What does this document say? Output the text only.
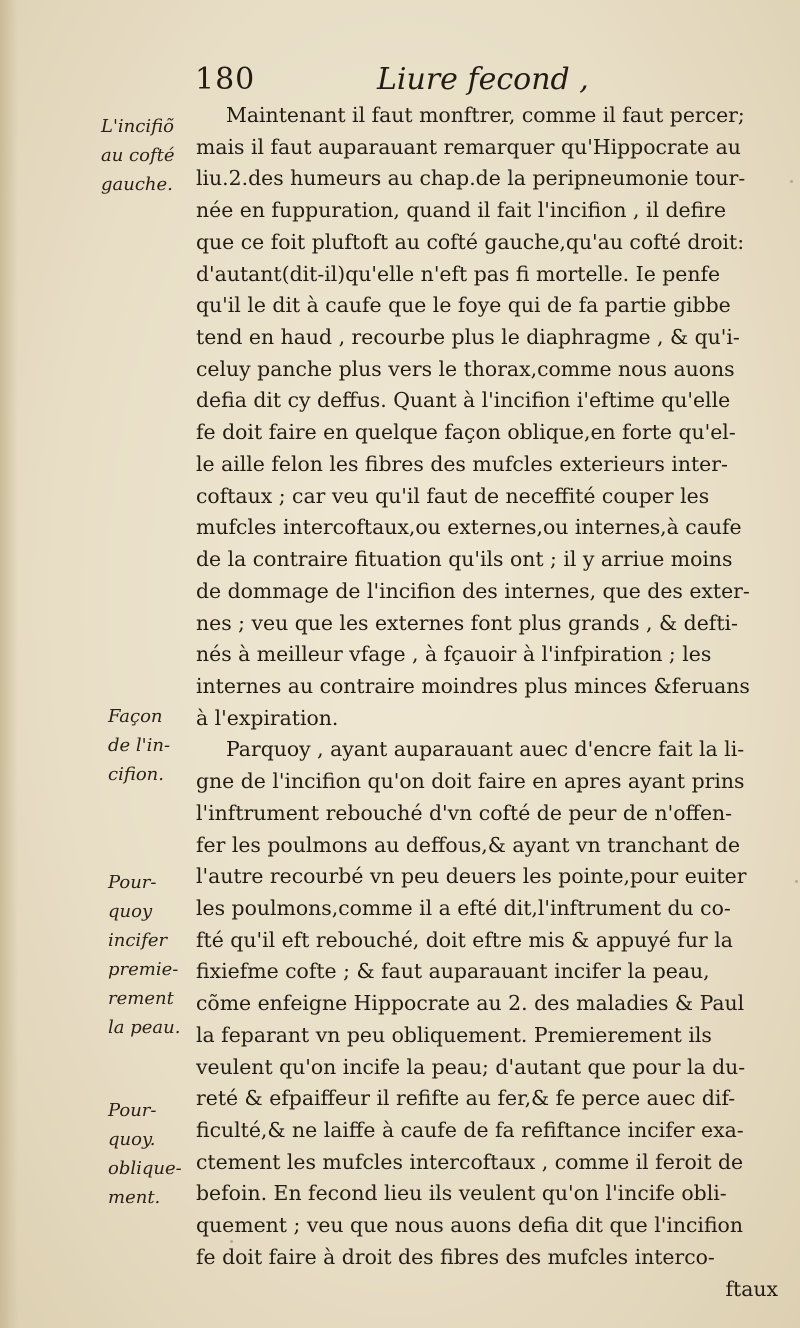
180	Liure fecond ,
L'incifiõ
au cofté
gauche.
Façon
de l'in-
cifion.
Pour-
quoy
incifer
premie-
rement
la peau.
Pour-
quoy.
oblique-
ment.
Maintenant il faut monftrer, comme il faut percer;
mais il faut auparauant remarquer qu'Hippocrate au
liu.2.des humeurs au chap.de la peripneumonie tour-
née en fuppuration, quand il fait l'incifion , il defire
que ce foit pluftoft au cofté gauche,qu'au cofté droit:
d'autant(dit-il)qu'elle n'eft pas fi mortelle. Ie penfe
qu'il le dit à caufe que le foye qui de fa partie gibbe
tend en haud , recourbe plus le diaphragme , & qu'i-
celuy panche plus vers le thorax,comme nous auons
defia dit cy deffus. Quant à l'incifion i'eftime qu'elle
fe doit faire en quelque façon oblique,en forte qu'el-
le aille felon les fibres des mufcles exterieurs inter-
coftaux ; car veu qu'il faut de neceffité couper les
mufcles intercoftaux,ou externes,ou internes,à caufe
de la contraire fituation qu'ils ont ; il y arriue moins
de dommage de l'incifion des internes, que des exter-
nes ; veu que les externes font plus grands , & defti-
nés à meilleur vfage , à fçauoir à l'infpiration ; les
internes au contraire moindres plus minces &feruans
à l'expiration.
Parquoy , ayant auparauant auec d'encre fait la li-
gne de l'incifion qu'on doit faire en apres ayant prins
l'inftrument rebouché d'vn cofté de peur de n'offen-
fer les poulmons au deffous,& ayant vn tranchant de
l'autre recourbé vn peu deuers les pointe,pour euiter
les poulmons,comme il a efté dit,l'inftrument du co-
fté qu'il eft rebouché, doit eftre mis & appuyé fur la
fixiefme cofte ; & faut auparauant incifer la peau,
cõme enfeigne Hippocrate au 2. des maladies & Paul
la feparant vn peu obliquement. Premierement ils
veulent qu'on incife la peau; d'autant que pour la du-
reté & efpaiffeur il refifte au fer,& fe perce auec dif-
ficulté,& ne laiffe à caufe de fa refiftance incifer exa-
ctement les mufcles intercoftaux , comme il feroit de
befoin. En fecond lieu ils veulent qu'on l'incife obli-
quement ; veu que nous auons defia dit que l'incifion
fe doit faire à droit des fibres des mufcles interco-
ftaux
